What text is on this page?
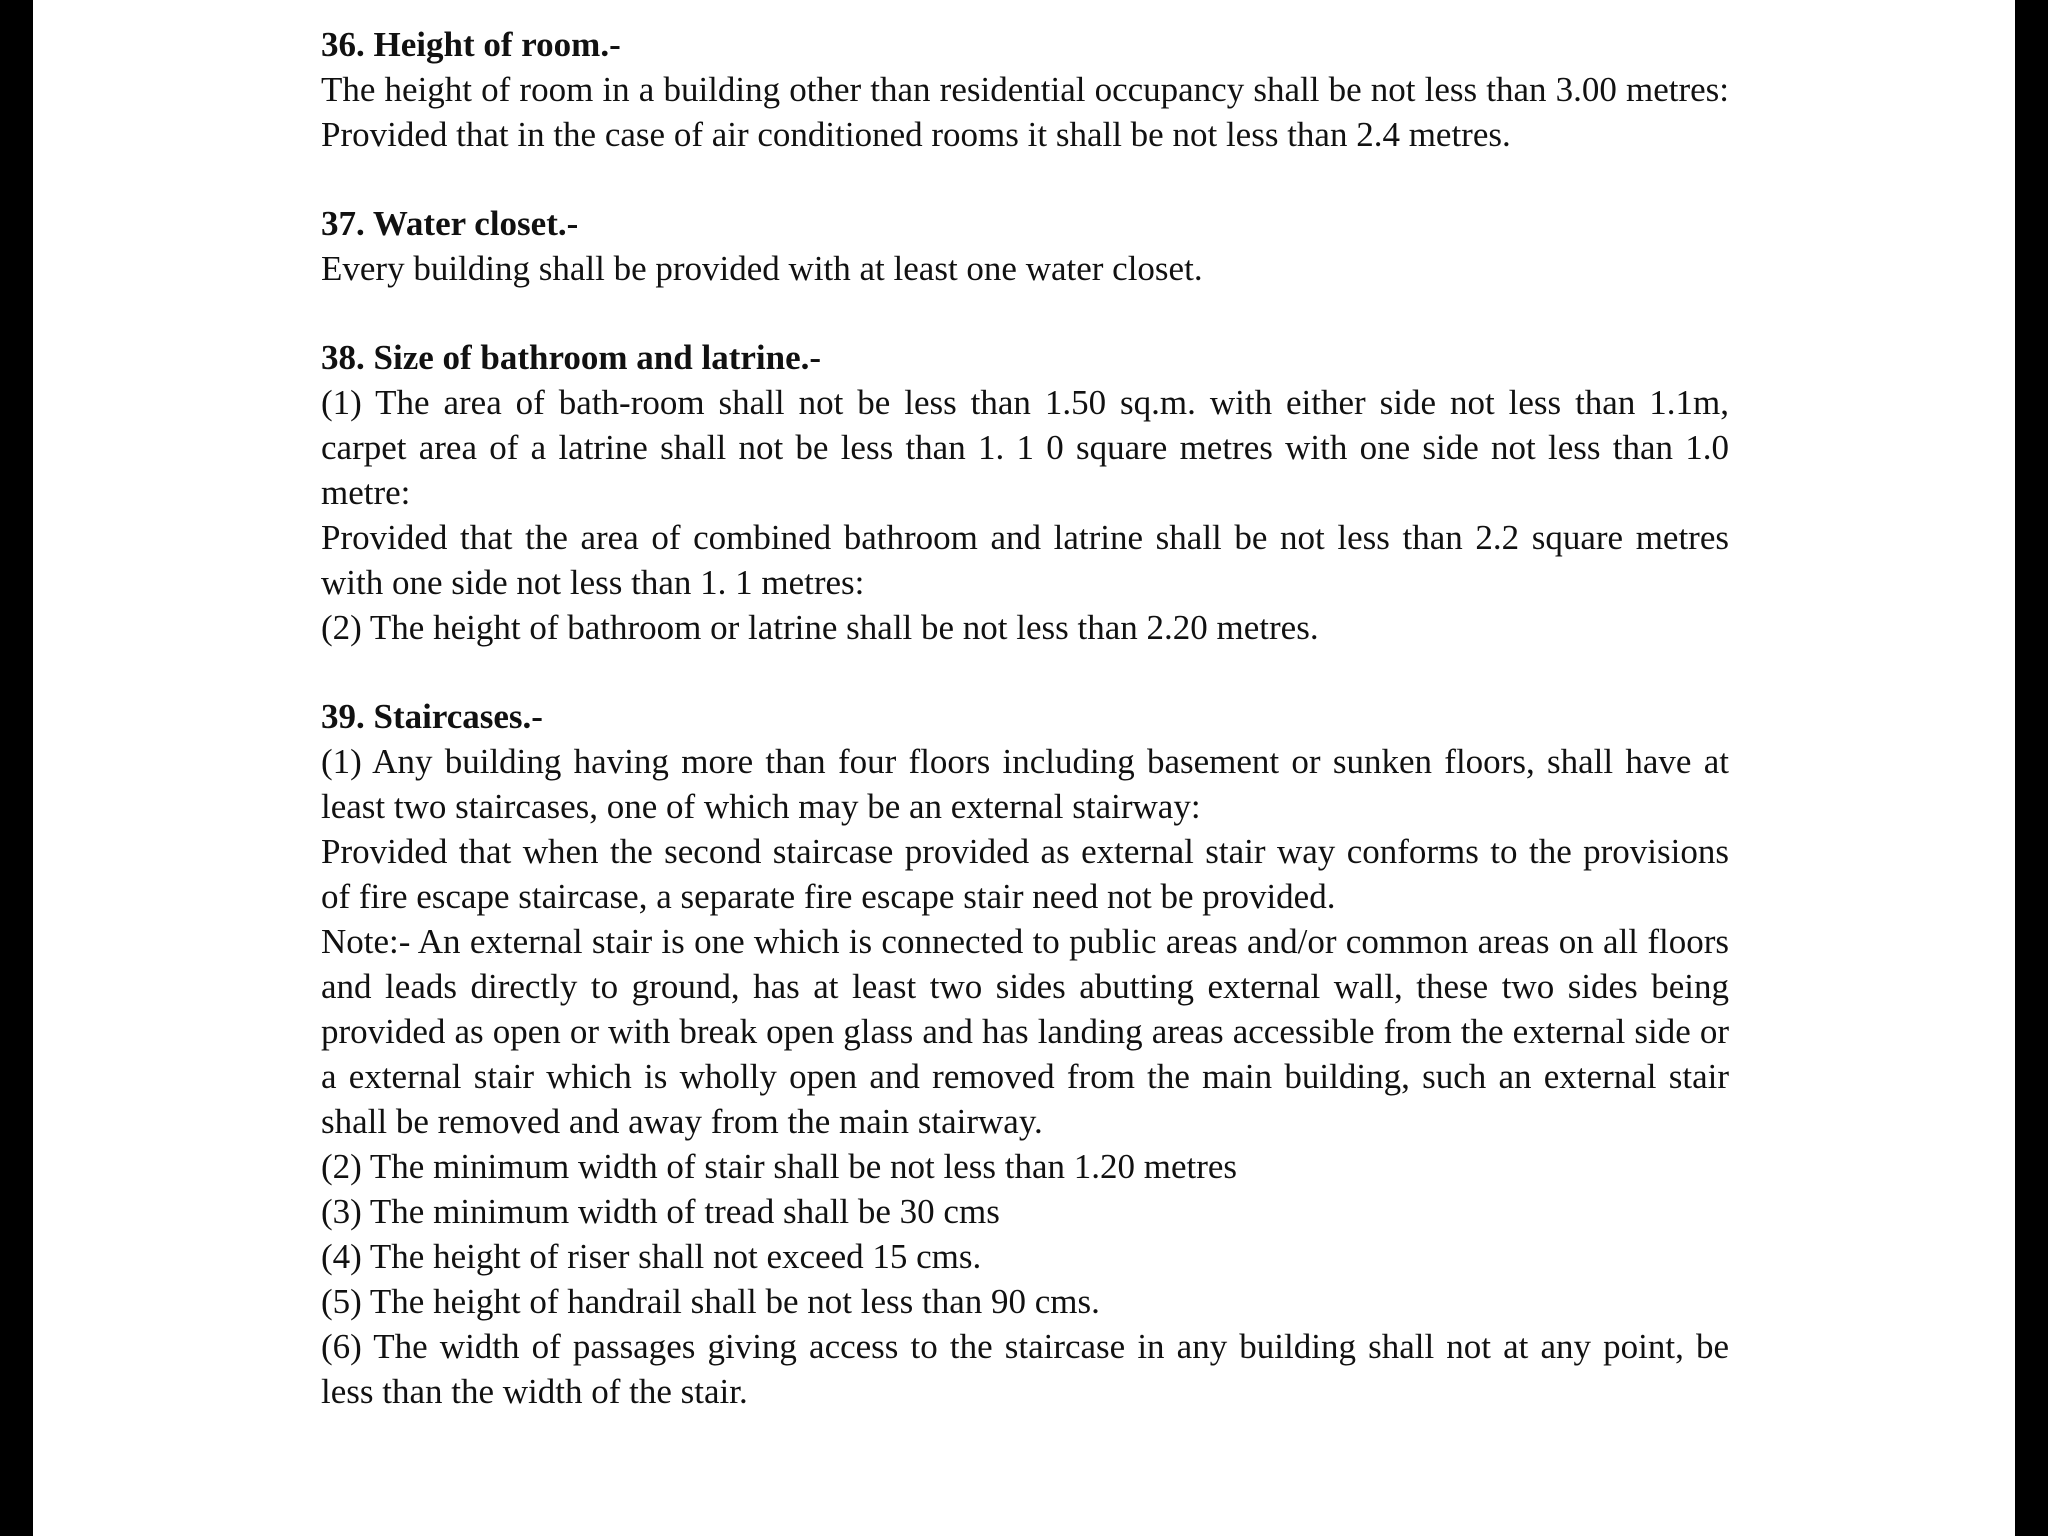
36. Height of room.-

The height of room in a building other than residential occupancy shall be not less than 3.00 metres: Provided that in the case of air conditioned rooms it shall be not less than 2.4 metres.

37. Water closet.-

Every building shall be provided with at least one water closet.

38. Size of bathroom and latrine.-

(1) The area of bath-room shall not be less than 1.50 sq.m. with either side not less than 1.1m, carpet area of a latrine shall not be less than 1. 1 0 square metres with one side not less than 1.0 metre:

Provided that the area of combined bathroom and latrine shall be not less than 2.2 square metres with one side not less than 1. 1 metres:

(2) The height of bathroom or latrine shall be not less than 2.20 metres.

39. Staircases.-

(1) Any building having more than four floors including basement or sunken floors, shall have at least two staircases, one of which may be an external stairway:

Provided that when the second staircase provided as external stair way conforms to the provisions of fire escape staircase, a separate fire escape stair need not be provided.

Note:- An external stair is one which is connected to public areas and/or common areas on all floors and leads directly to ground, has at least two sides abutting external wall, these two sides being provided as open or with break open glass and has landing areas accessible from the external side or a external stair which is wholly open and removed from the main building, such an external stair shall be removed and away from the main stairway.

(2) The minimum width of stair shall be not less than 1.20 metres

(3) The minimum width of tread shall be 30 cms

(4) The height of riser shall not exceed 15 cms.

(5) The height of handrail shall be not less than 90 cms.

(6) The width of passages giving access to the staircase in any building shall not at any point, be less than the width of the stair.
